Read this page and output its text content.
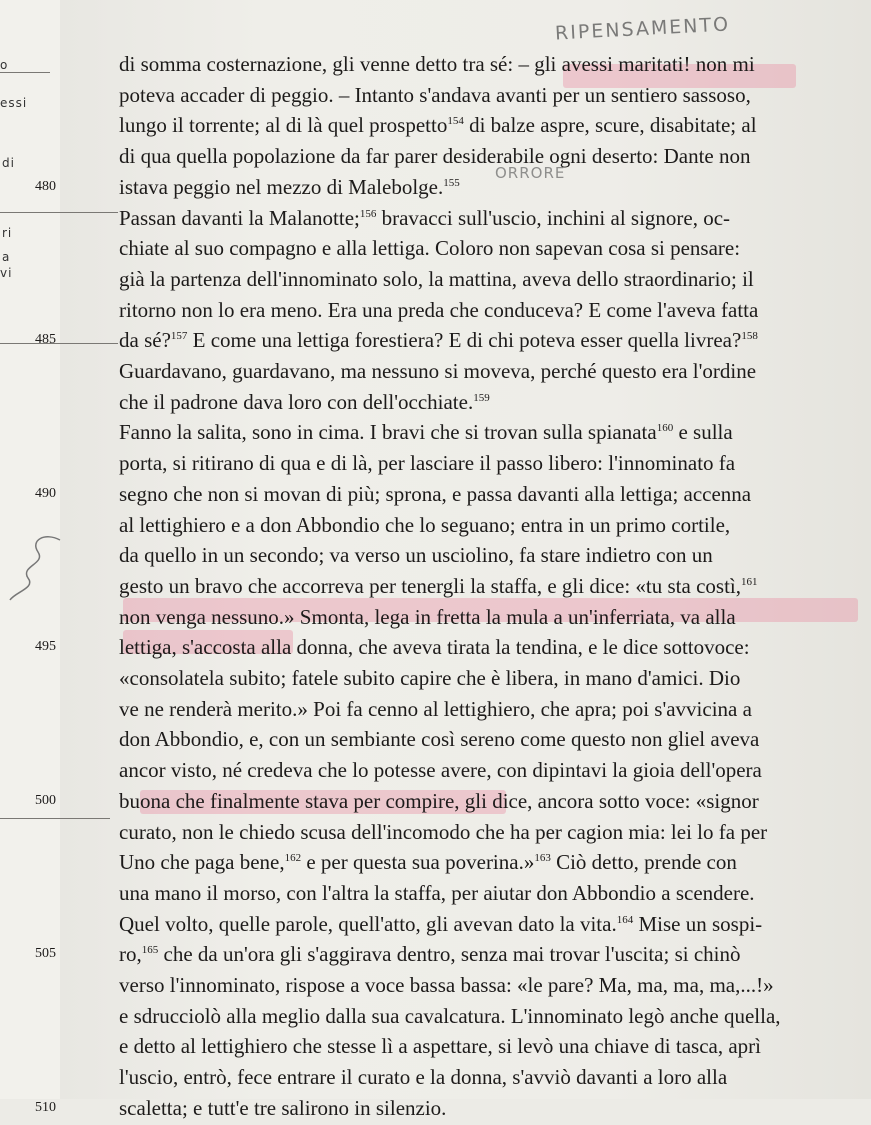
o
essi
di
ri
a
vi
RIPENSAMENTO
ORRORE
di somma costernazione, gli venne detto tra sé: – gli avessi maritati! non mi
poteva accader di peggio. – Intanto s'andava avanti per un sentiero sassoso,
lungo il torrente; al di là quel prospetto$^{154}$ di balze aspre, scure, disabitate; al
di qua quella popolazione da far parer desiderabile ogni deserto: Dante non
istava peggio nel mezzo di Malebolge.$^{155}$
480
Passan davanti la Malanotte;$^{156}$ bravacci sull'uscio, inchini al signore, oc-
chiate al suo compagno e alla lettiga. Coloro non sapevan cosa si pensare:
già la partenza dell'innominato solo, la mattina, aveva dello straordinario; il
ritorno non lo era meno. Era una preda che conduceva? E come l'aveva fatta
da sé?$^{157}$ E come una lettiga forestiera? E di chi poteva esser quella livrea?$^{158}$
485
Guardavano, guardavano, ma nessuno si moveva, perché questo era l'ordine
che il padrone dava loro con dell'occhiate.$^{159}$
Fanno la salita, sono in cima. I bravi che si trovan sulla spianata$^{160}$ e sulla
porta, si ritirano di qua e di là, per lasciare il passo libero: l'innominato fa
segno che non si movan di più; sprona, e passa davanti alla lettiga; accenna
490
al lettighiero e a don Abbondio che lo seguano; entra in un primo cortile,
da quello in un secondo; va verso un usciolino, fa stare indietro con un
gesto un bravo che accorreva per tenergli la staffa, e gli dice: «tu sta costì,$^{161}$
non venga nessuno.» Smonta, lega in fretta la mula a un'inferriata, va alla
lettiga, s'accosta alla donna, che aveva tirata la tendina, e le dice sottovoce:
495
«consolatela subito; fatele subito capire che è libera, in mano d'amici. Dio
ve ne renderà merito.» Poi fa cenno al lettighiero, che apra; poi s'avvicina a
don Abbondio, e, con un sembiante così sereno come questo non gliel aveva
ancor visto, né credeva che lo potesse avere, con dipintavi la gioia dell'opera
buona che finalmente stava per compire, gli dice, ancora sotto voce: «signor
500
curato, non le chiedo scusa dell'incomodo che ha per cagion mia: lei lo fa per
Uno che paga bene,$^{162}$ e per questa sua poverina.»$^{163}$ Ciò detto, prende con
una mano il morso, con l'altra la staffa, per aiutar don Abbondio a scendere.
Quel volto, quelle parole, quell'atto, gli avevan dato la vita.$^{164}$ Mise un sospi-
ro,$^{165}$ che da un'ora gli s'aggirava dentro, senza mai trovar l'uscita; si chinò
505
verso l'innominato, rispose a voce bassa bassa: «le pare? Ma, ma, ma, ma,...!»
e sdrucciolò alla meglio dalla sua cavalcatura. L'innominato legò anche quella,
e detto al lettighiero che stesse lì a aspettare, si levò una chiave di tasca, aprì
l'uscio, entrò, fece entrare il curato e la donna, s'avviò davanti a loro alla
scaletta; e tutt'e tre salirono in silenzio.
510
